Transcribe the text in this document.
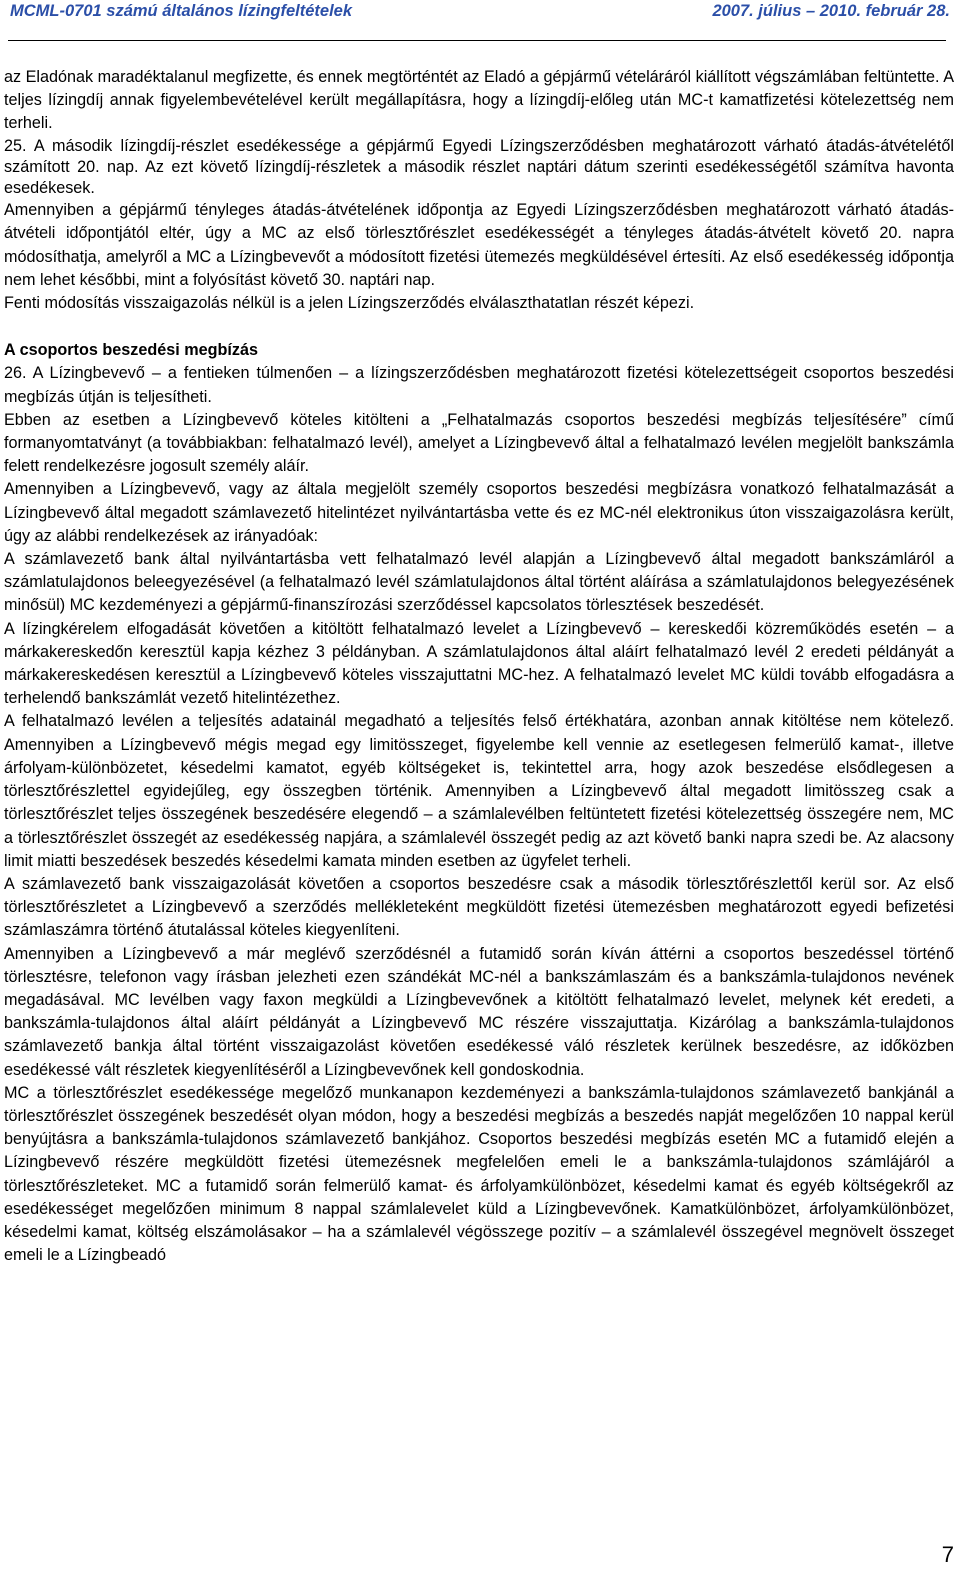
MCML-0701 számú általános lízingfeltételek	2007. július – 2010. február 28.

az Eladónak maradéktalanul megfizette, és ennek megtörténtét az Eladó a gépjármű vételáráról kiállított végszámlában feltüntette. A teljes lízingdíj annak figyelembevételével került megállapításra, hogy a lízingdíj-előleg után MC-t kamatfizetési kötelezettség nem terheli.

25. A második lízingdíj-részlet esedékessége a gépjármű Egyedi Lízingszerződésben meghatározott várható átadás-átvételétől számított 20. nap. Az ezt követő lízingdíj-részletek a második részlet naptári dátum szerinti esedékességétől számítva havonta esedékesek.

Amennyiben a gépjármű tényleges átadás-átvételének időpontja az Egyedi Lízingszerződésben meghatározott várható átadás-átvételi időpontjától eltér, úgy a MC az első törlesztőrészlet esedékességét a tényleges átadás-átvételt követő 20. napra módosíthatja, amelyről a MC a Lízingbevevőt a módosított fizetési ütemezés megküldésével értesíti. Az első esedékesség időpontja nem lehet későbbi, mint a folyósítást követő 30. naptári nap.

Fenti módosítás visszaigazolás nélkül is a jelen Lízingszerződés elválaszthatatlan részét képezi.

A csoportos beszedési megbízás

26. A Lízingbevevő – a fentieken túlmenően – a lízingszerződésben meghatározott fizetési kötelezettségeit csoportos beszedési megbízás útján is teljesítheti.

Ebben az esetben a Lízingbevevő köteles kitölteni a „Felhatalmazás csoportos beszedési megbízás teljesítésére” című formanyomtatványt (a továbbiakban: felhatalmazó levél), amelyet a Lízingbevevő által a felhatalmazó levélen megjelölt bankszámla felett rendelkezésre jogosult személy aláír.

Amennyiben a Lízingbevevő, vagy az általa megjelölt személy csoportos beszedési megbízásra vonatkozó felhatalmazását a Lízingbevevő által megadott számlavezető hitelintézet nyilvántartásba vette és ez MC-nél elektronikus úton visszaigazolásra került, úgy az alábbi rendelkezések az irányadóak:

A számlavezető bank által nyilvántartásba vett felhatalmazó levél alapján a Lízingbevevő által megadott bankszámláról a számlatulajdonos beleegyezésével (a felhatalmazó levél számlatulajdonos által történt aláírása a számlatulajdonos belegyezésének minősül) MC kezdeményezi a gépjármű-finanszírozási szerződéssel kapcsolatos törlesztések beszedését.

A lízingkérelem elfogadását követően a kitöltött felhatalmazó levelet a Lízingbevevő – kereskedői közreműködés esetén – a márkakereskedőn keresztül kapja kézhez 3 példányban. A számlatulajdonos által aláírt felhatalmazó levél 2 eredeti példányát a márkakereskedésen keresztül a Lízingbevevő köteles visszajuttatni MC-hez. A felhatalmazó levelet MC küldi tovább elfogadásra a terhelendő bankszámlát vezető hitelintézethez.

A felhatalmazó levélen a teljesítés adatainál megadható a teljesítés felső értékhatára, azonban annak kitöltése nem kötelező. Amennyiben a Lízingbevevő mégis megad egy limitösszeget, figyelembe kell vennie az esetlegesen felmerülő kamat-, illetve árfolyam-különbözetet, késedelmi kamatot, egyéb költségeket is, tekintettel arra, hogy azok beszedése elsődlegesen a törlesztőrészlettel egyidejűleg, egy összegben történik. Amennyiben a Lízingbevevő által megadott limitösszeg csak a törlesztőrészlet teljes összegének beszedésére elegendő – a számlalevélben feltüntetett fizetési kötelezettség összegére nem, MC a törlesztőrészlet összegét az esedékesség napjára, a számlalevél összegét pedig az azt követő banki napra szedi be. Az alacsony limit miatti beszedések beszedés késedelmi kamata minden esetben az ügyfelet terheli.

A számlavezető bank visszaigazolását követően a csoportos beszedésre csak a második törlesztőrészlettől kerül sor. Az első törlesztőrészletet a Lízingbevevő a szerződés mellékleteként megküldött fizetési ütemezésben meghatározott egyedi befizetési számlaszámra történő átutalással köteles kiegyenlíteni.

Amennyiben a Lízingbevevő a már meglévő szerződésnél a futamidő során kíván áttérni a csoportos beszedéssel történő törlesztésre, telefonon vagy írásban jelezheti ezen szándékát MC-nél a bankszámlaszám és a bankszámla-tulajdonos nevének megadásával. MC levélben vagy faxon megküldi a Lízingbevevőnek a kitöltött felhatalmazó levelet, melynek két eredeti, a bankszámla-tulajdonos által aláírt példányát a Lízingbevevő MC részére visszajuttatja. Kizárólag a bankszámla-tulajdonos számlavezető bankja által történt visszaigazolást követően esedékessé váló részletek kerülnek beszedésre, az időközben esedékessé vált részletek kiegyenlítéséről a Lízingbevevőnek kell gondoskodnia.

MC a törlesztőrészlet esedékessége megelőző munkanapon kezdeményezi a bankszámla-tulajdonos számlavezető bankjánál a törlesztőrészlet összegének beszedését olyan módon, hogy a beszedési megbízás a beszedés napját megelőzően 10 nappal kerül benyújtásra a bankszámla-tulajdonos számlavezető bankjához. Csoportos beszedési megbízás esetén MC a futamidő elején a Lízingbevevő részére megküldött fizetési ütemezésnek megfelelően emeli le a bankszámla-tulajdonos számlájáról a törlesztőrészleteket. MC a futamidő során felmerülő kamat- és árfolyamkülönbözet, késedelmi kamat és egyéb költségekről az esedékességet megelőzően minimum 8 nappal számlalevelet küld a Lízingbevevőnek. Kamatkülönbözet, árfolyamkülönbözet, késedelmi kamat, költség elszámolásakor – ha a számlalevél végösszege pozitív – a számlalevél összegével megnövelt összeget emeli le a Lízingbeadó

7
